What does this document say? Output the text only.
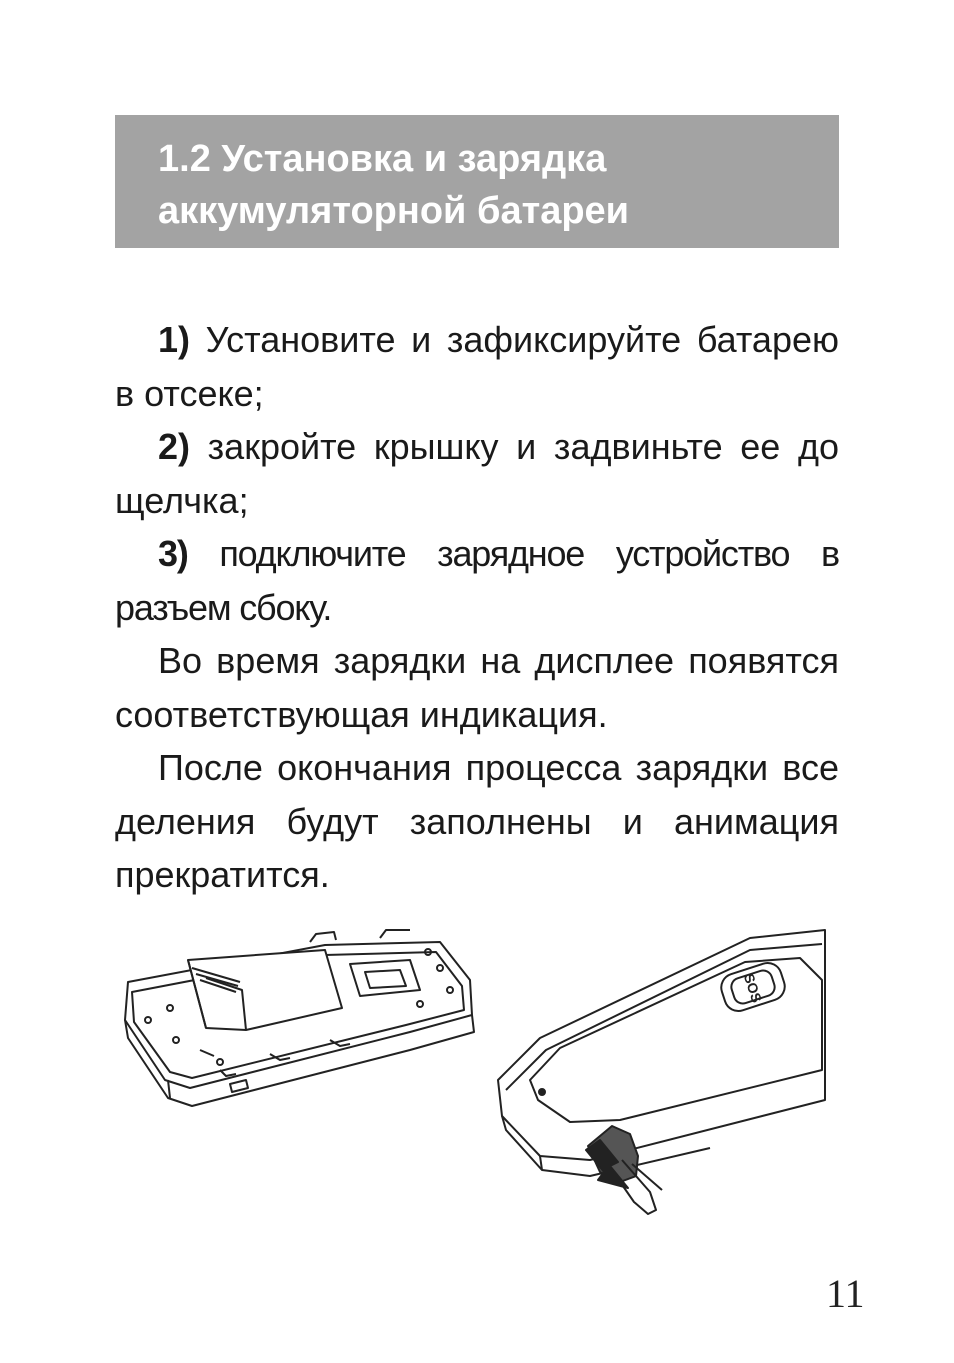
1.2 Установка и зарядка
аккумуляторной батареи

1) Установите и зафиксируйте батарею в отсеке;

2) закройте крышку и задвиньте ее до щелчка;

3) подключите зарядное устройство в разъем сбоку.

Во время зарядки на дисплее появятся соответствующая индикация.

После окончания процесса зарядки все деления будут заполнены и анимация прекратится.

SOS
11
